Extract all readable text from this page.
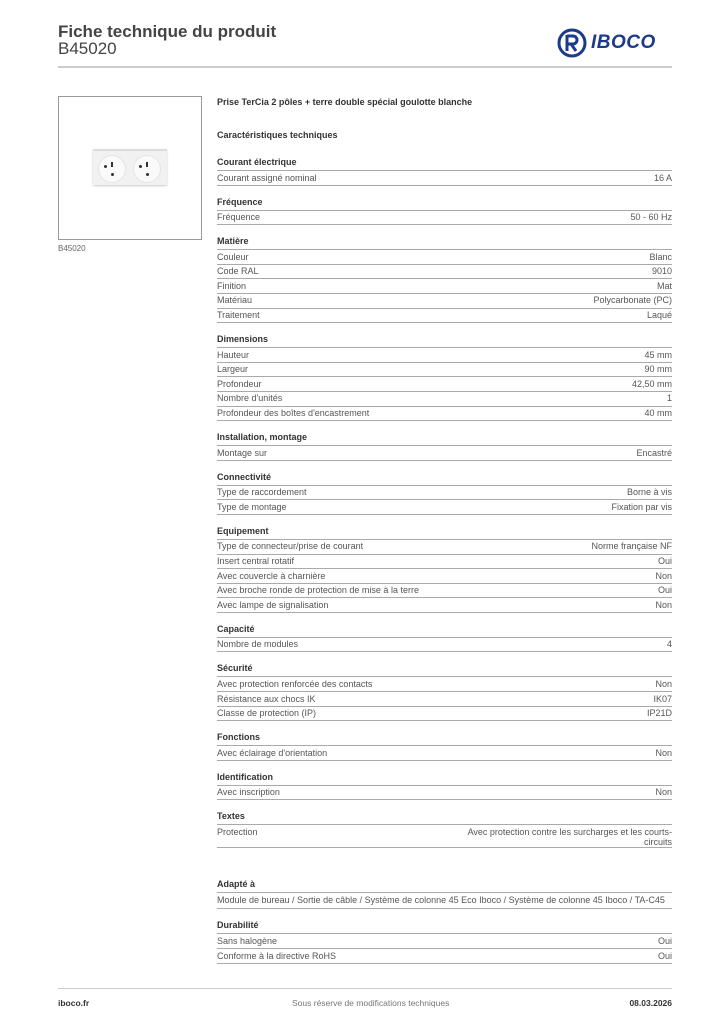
Fiche technique du produit
B45020	IBOCO
B45020
Prise TerCia 2 pôles + terre double spécial goulotte blanche
Caractéristiques techniques
Courant électrique
Courant assigné nominal	16 A
Fréquence
Fréquence	50 - 60 Hz
Matière
Couleur	Blanc
Code RAL	9010
Finition	Mat
Matériau	Polycarbonate (PC)
Traitement	Laqué
Dimensions
Hauteur	45 mm
Largeur	90 mm
Profondeur	42,50 mm
Nombre d'unités	1
Profondeur des boîtes d'encastrement	40 mm
Installation, montage
Montage sur	Encastré
Connectivité
Type de raccordement	Borne à vis
Type de montage	Fixation par vis
Equipement
Type de connecteur/prise de courant	Norme française NF
Insert central rotatif	Oui
Avec couvercle à charnière	Non
Avec broche ronde de protection de mise à la terre	Oui
Avec lampe de signalisation	Non
Capacité
Nombre de modules	4
Sécurité
Avec protection renforcée des contacts	Non
Résistance aux chocs IK	IK07
Classe de protection (IP)	IP21D
Fonctions
Avec éclairage d'orientation	Non
Identification
Avec inscription	Non
Textes
Protection	Avec protection contre les surcharges et les courts-circuits
Adapté à
Module de bureau / Sortie de câble / Système de colonne 45 Eco Iboco / Système de colonne 45 Iboco / TA-C45
Durabilité
Sans halogène	Oui
Conforme à la directive RoHS	Oui
iboco.fr	Sous réserve de modifications techniques	08.03.2026
